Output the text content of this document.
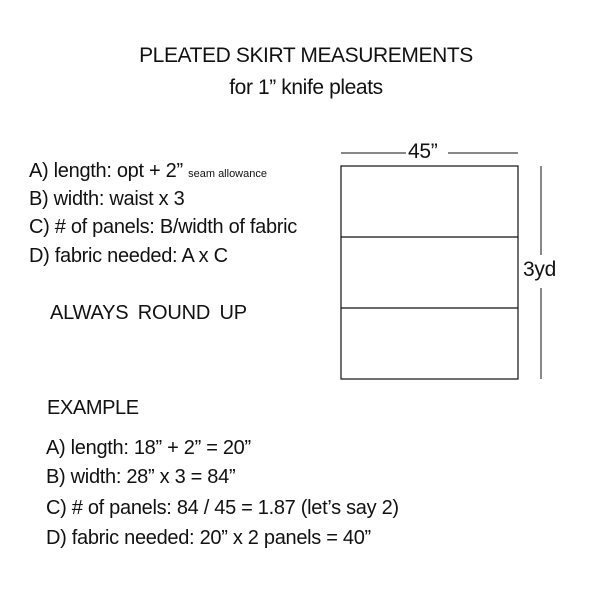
PLEATED SKIRT MEASUREMENTS
for 1” knife pleats
A) length: opt + 2” seam allowance
B) width: waist x 3
C) # of panels: B/width of fabric
D) fabric needed: A x C
ALWAYS ROUND UP
45”
3yd
EXAMPLE
A) length: 18” + 2” = 20”
B) width: 28” x 3 = 84”
C) # of panels: 84 / 45 = 1.87 (let’s say 2)
D) fabric needed: 20” x 2 panels = 40”
